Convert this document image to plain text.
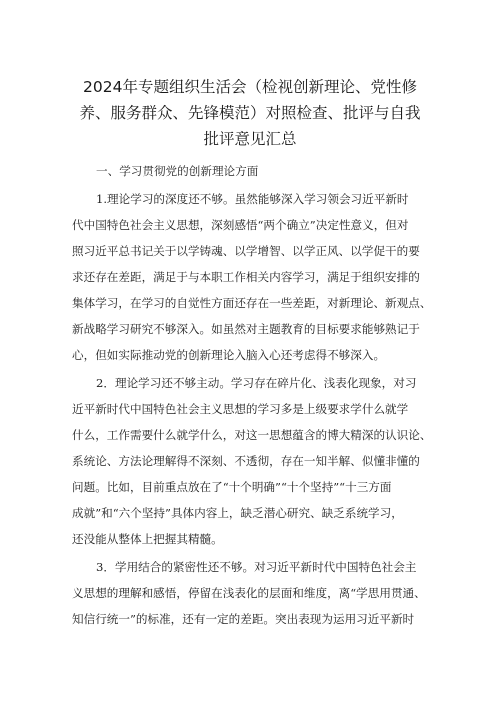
2024年专题组织生活会（检视创新理论、党性修
养、服务群众、先锋模范）对照检查、批评与自我
批评意见汇总

一、学习贯彻党的创新理论方面

1.理论学习的深度还不够。虽然能够深入学习领会习近平新时
代中国特色社会主义思想，深刻感悟“两个确立”决定性意义，但对
照习近平总书记关于以学铸魂、以学增智、以学正风、以学促干的要
求还存在差距，满足于与本职工作相关内容学习，满足于组织安排的
集体学习，在学习的自觉性方面还存在一些差距，对新理论、新观点、
新战略学习研究不够深入。如虽然对主题教育的目标要求能够熟记于
心，但如实际推动党的创新理论入脑入心还考虑得不够深入。

2．理论学习还不够主动。学习存在碎片化、浅表化现象，对习
近平新时代中国特色社会主义思想的学习多是上级要求学什么就学
什么，工作需要什么就学什么，对这一思想蕴含的博大精深的认识论、
系统论、方法论理解得不深刻、不透彻，存在一知半解、似懂非懂的
问题。比如，目前重点放在了“十个明确”“十个坚持”“十三方面
成就”和“六个坚持”具体内容上，缺乏潜心研究、缺乏系统学习，
还没能从整体上把握其精髓。

3．学用结合的紧密性还不够。对习近平新时代中国特色社会主
义思想的理解和感悟，停留在浅表化的层面和维度，离“学思用贯通、
知信行统一”的标准，还有一定的差距。突出表现为运用习近平新时
